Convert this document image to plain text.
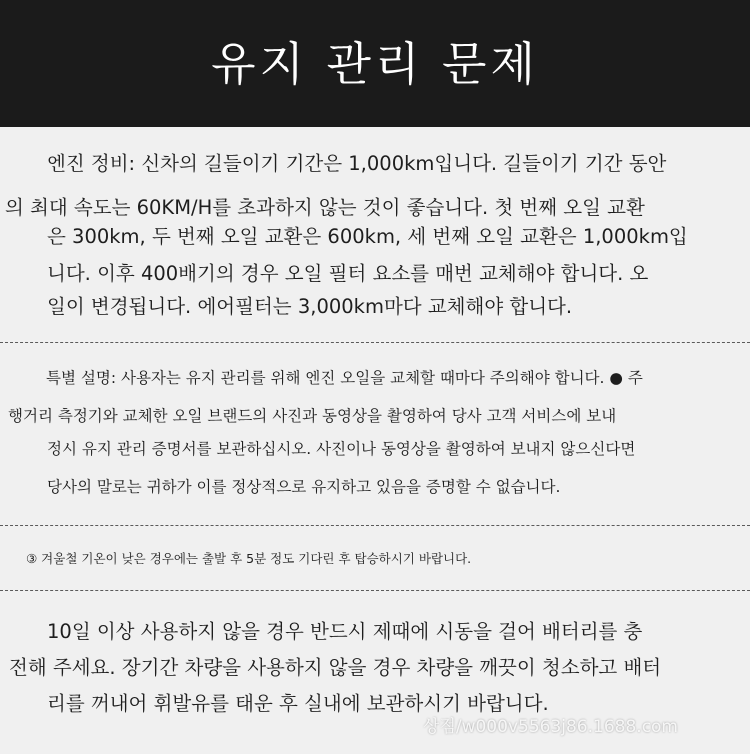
유지 관리 문제
엔진 정비: 신차의 길들이기 기간은 1,000km입니다. 길들이기 기간 동안
의 최대 속도는 60KM/H를 초과하지 않는 것이 좋습니다. 첫 번째 오일 교환
은 300km, 두 번째 오일 교환은 600km, 세 번째 오일 교환은 1,000km입
니다. 이후 400배기의 경우 오일 필터 요소를 매번 교체해야 합니다. 오
일이 변경됩니다. 에어필터는 3,000km마다 교체해야 합니다.
특별 설명: 사용자는 유지 관리를 위해 엔진 오일을 교체할 때마다 주의해야 합니다. ● 주
행거리 측정기와 교체한 오일 브랜드의 사진과 동영상을 촬영하여 당사 고객 서비스에 보내
정시 유지 관리 증명서를 보관하십시오. 사진이나 동영상을 촬영하여 보내지 않으신다면
당사의 말로는 귀하가 이를 정상적으로 유지하고 있음을 증명할 수 없습니다.
③ 겨울철 기온이 낮은 경우에는 출발 후 5분 정도 기다린 후 탑승하시기 바랍니다.
10일 이상 사용하지 않을 경우 반드시 제때에 시동을 걸어 배터리를 충
전해 주세요. 장기간 차량을 사용하지 않을 경우 차량을 깨끗이 청소하고 배터
리를 꺼내어 휘발유를 태운 후 실내에 보관하시기 바랍니다.
상점/w000v5563j86.1688.com
